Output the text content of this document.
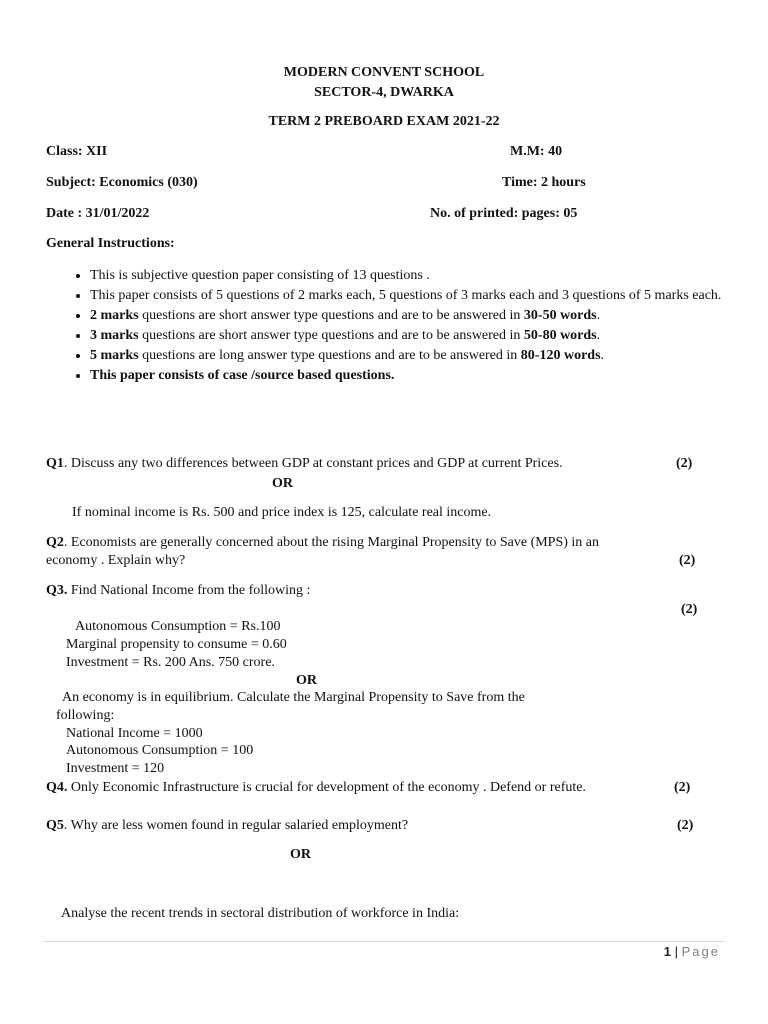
MODERN CONVENT SCHOOL
SECTOR-4, DWARKA
TERM 2 PREBOARD EXAM 2021-22
Class: XII	M.M: 40
Subject: Economics (030)	Time: 2 hours
Date : 31/01/2022	No. of printed: pages: 05
General Instructions:
• This is subjective question paper consisting of 13 questions .
• This paper consists of 5 questions of 2 marks each, 5 questions of 3 marks each and 3 questions of 5 marks each.
• 2 marks questions are short answer type questions and are to be answered in 30-50 words.
• 3 marks questions are short answer type questions and are to be answered in 50-80 words.
• 5 marks questions are long answer type questions and are to be answered in 80-120 words.
• This paper consists of case /source based questions.
Q1. Discuss any two differences between GDP at constant prices and GDP at current Prices.	(2)
OR
If nominal income is Rs. 500 and price index is 125, calculate real income.
Q2. Economists are generally concerned about the rising Marginal Propensity to Save (MPS) in an
economy . Explain why?	(2)
Q3. Find National Income from the following :
(2)
Autonomous Consumption = Rs.100
Marginal propensity to consume = 0.60
Investment = Rs. 200 Ans. 750 crore.
OR
An economy is in equilibrium. Calculate the Marginal Propensity to Save from the
following:
National Income = 1000
Autonomous Consumption = 100
Investment = 120
Q4. Only Economic Infrastructure is crucial for development of the economy . Defend or refute.	(2)
Q5. Why are less women found in regular salaried employment?	(2)
OR
Analyse the recent trends in sectoral distribution of workforce in India:
1 | Page
